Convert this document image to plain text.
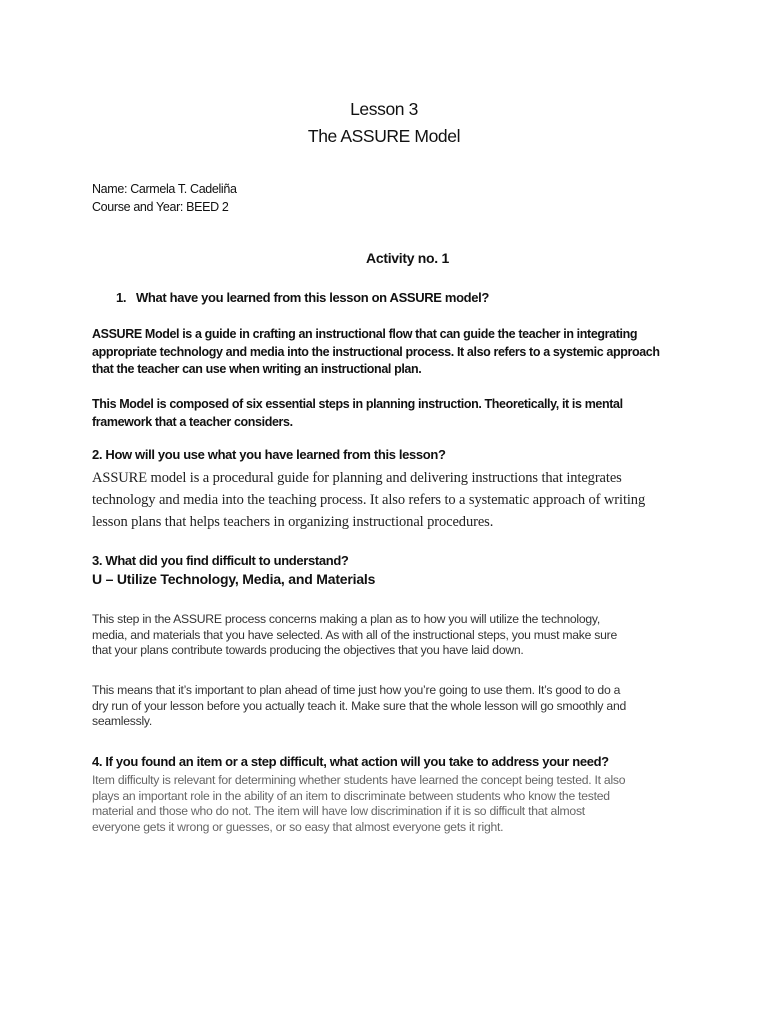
Lesson 3
The ASSURE Model
Name: Carmela T. Cadeliña
Course and Year: BEED 2
Activity no. 1
1. What have you learned from this lesson on ASSURE model?
ASSURE Model is a guide in crafting an instructional flow that can guide the teacher in integrating
appropriate technology and media into the instructional process. It also refers to a systemic approach
that the teacher can use when writing an instructional plan.
This Model is composed of six essential steps in planning instruction. Theoretically, it is mental
framework that a teacher considers.
2. How will you use what you have learned from this lesson?
ASSURE model is a procedural guide for planning and delivering instructions that integrates
technology and media into the teaching process. It also refers to a systematic approach of writing
lesson plans that helps teachers in organizing instructional procedures.
3. What did you find difficult to understand?
U – Utilize Technology, Media, and Materials
This step in the ASSURE process concerns making a plan as to how you will utilize the technology,
media, and materials that you have selected. As with all of the instructional steps, you must make sure
that your plans contribute towards producing the objectives that you have laid down.
This means that it’s important to plan ahead of time just how you’re going to use them. It’s good to do a
dry run of your lesson before you actually teach it. Make sure that the whole lesson will go smoothly and
seamlessly.
4. If you found an item or a step difficult, what action will you take to address your need?
Item difficulty is relevant for determining whether students have learned the concept being tested. It also
plays an important role in the ability of an item to discriminate between students who know the tested
material and those who do not. The item will have low discrimination if it is so difficult that almost
everyone gets it wrong or guesses, or so easy that almost everyone gets it right.
